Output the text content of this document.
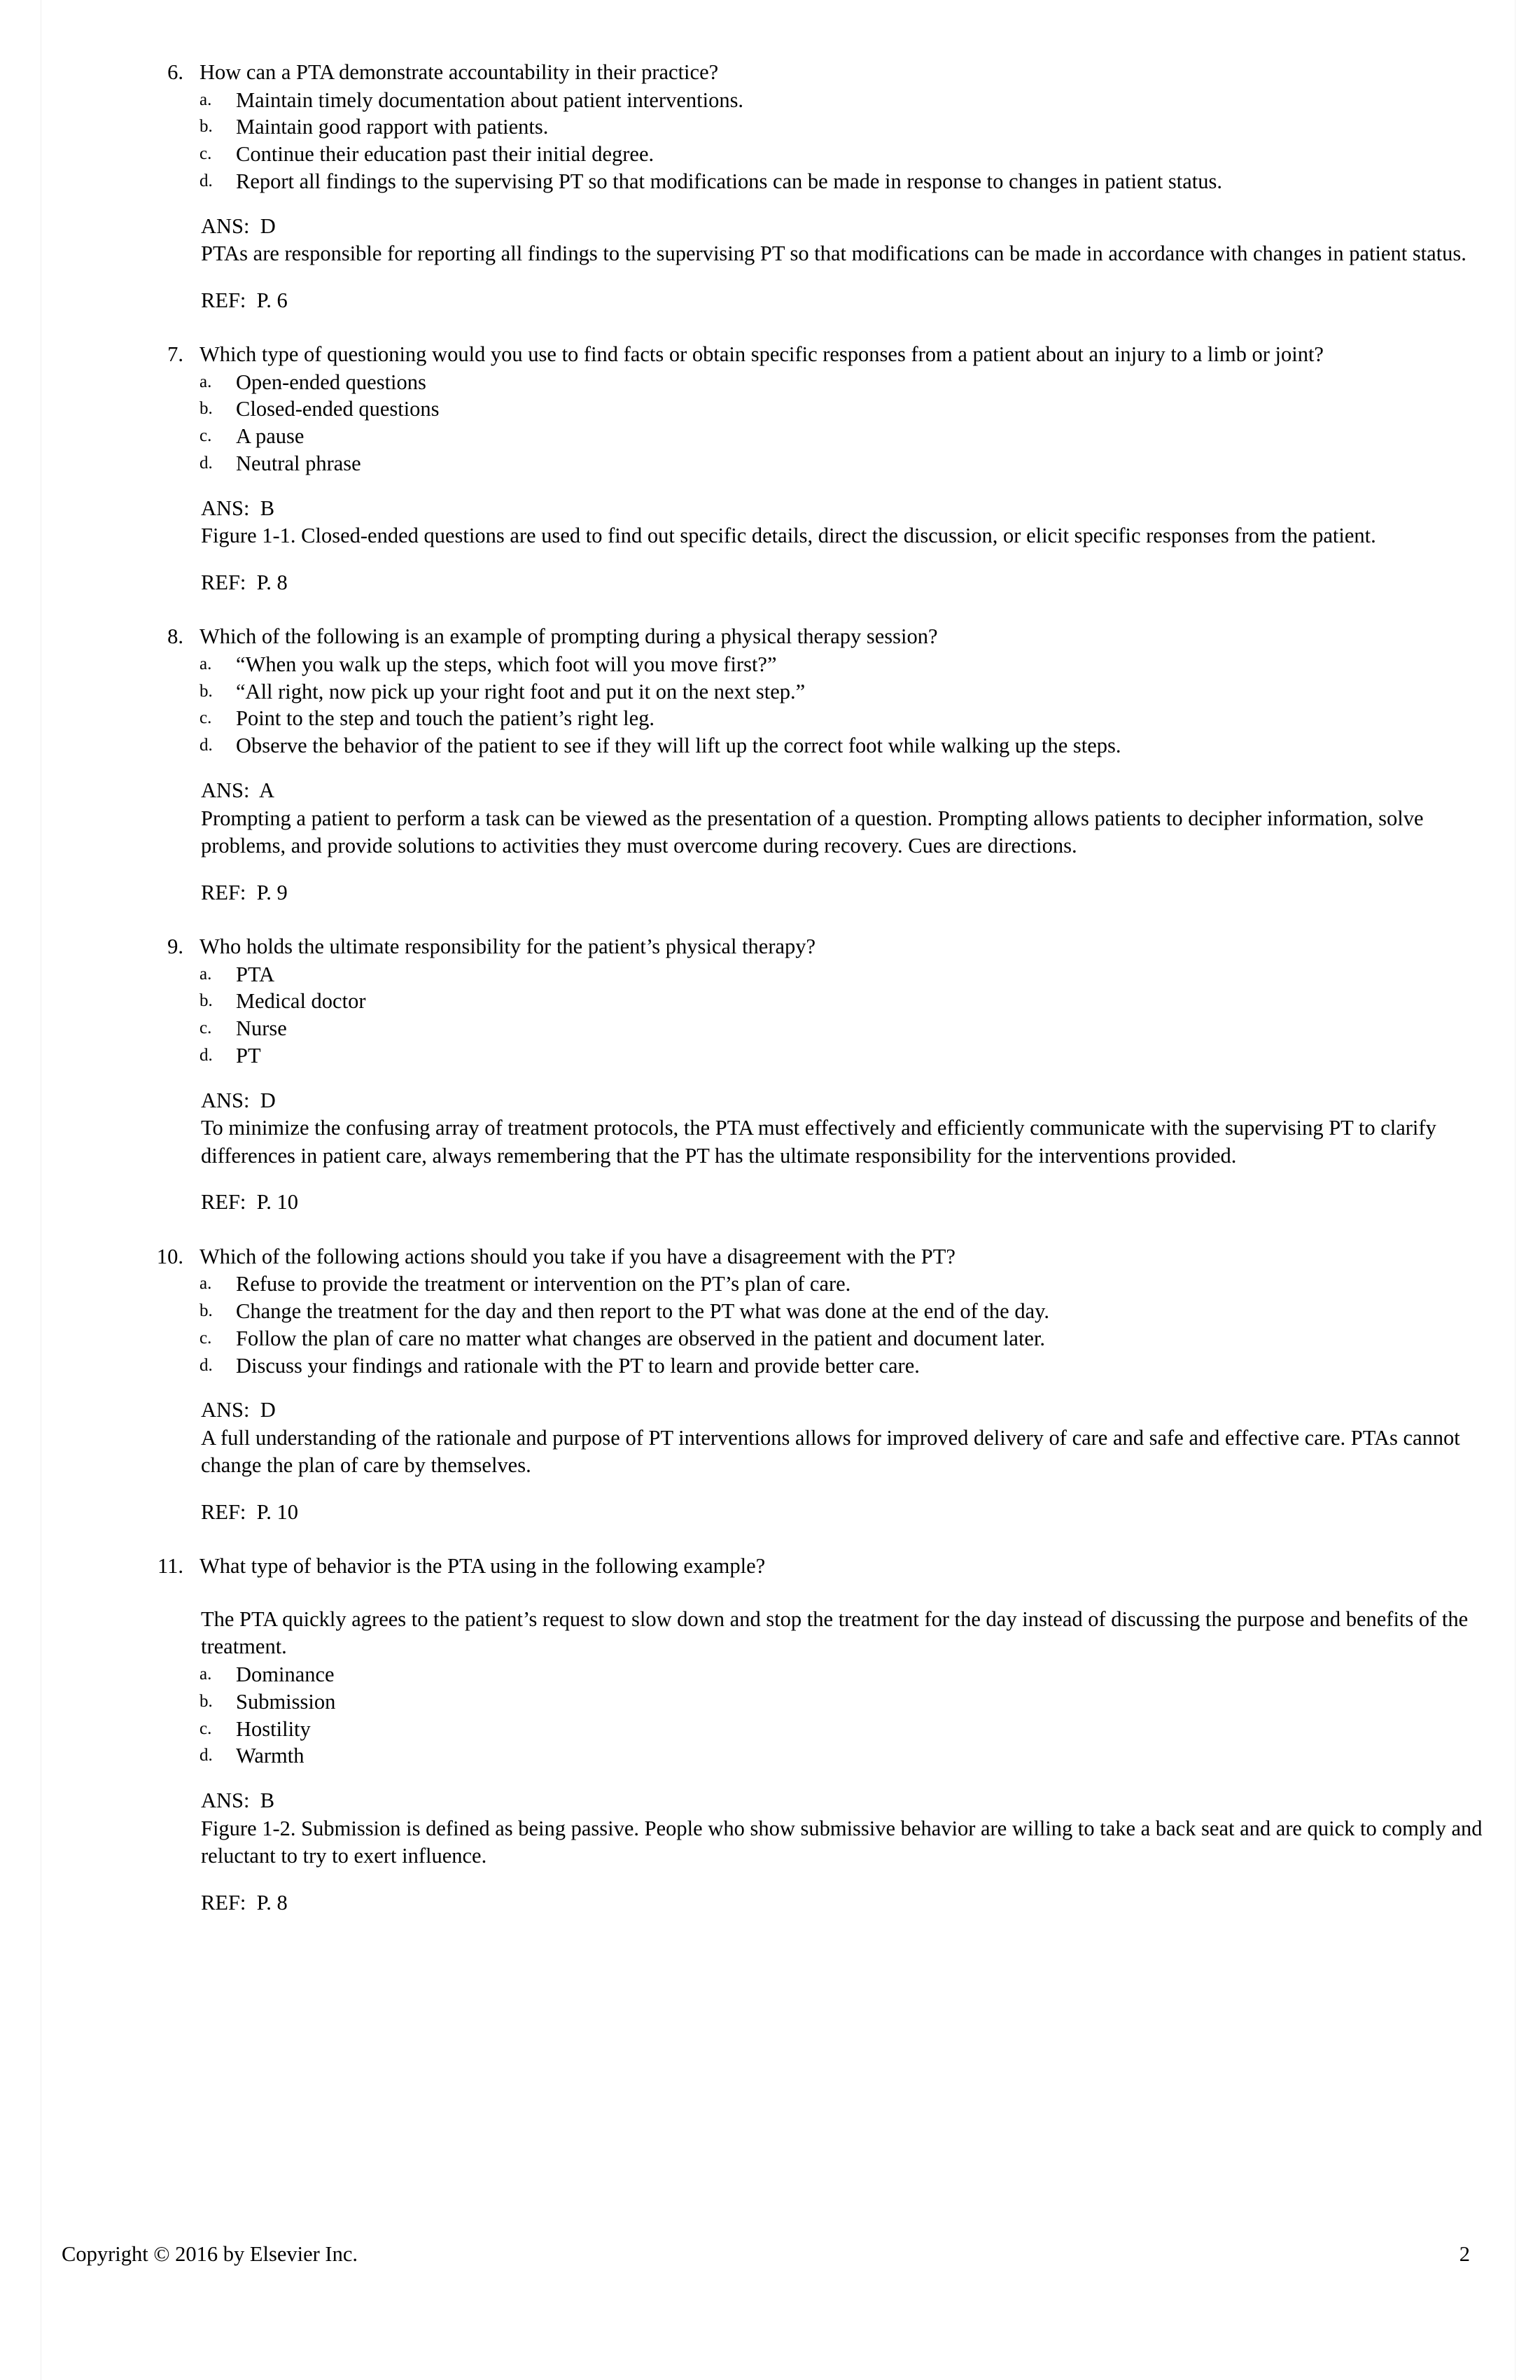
6. How can a PTA demonstrate accountability in their practice?
a.	Maintain timely documentation about patient interventions.
b.	Maintain good rapport with patients.
c.	Continue their education past their initial degree.
d.	Report all findings to the supervising PT so that modifications can be made in response to changes in patient status.
ANS:  D
PTAs are responsible for reporting all findings to the supervising PT so that modifications can be made in accordance with changes in patient status.
REF:  P. 6
7. Which type of questioning would you use to find facts or obtain specific responses from a patient about an injury to a limb or joint?
a.	Open-ended questions
b.	Closed-ended questions
c.	A pause
d.	Neutral phrase
ANS:  B
Figure 1-1. Closed-ended questions are used to find out specific details, direct the discussion, or elicit specific responses from the patient.
REF:  P. 8
8. Which of the following is an example of prompting during a physical therapy session?
a.	“When you walk up the steps, which foot will you move first?”
b.	“All right, now pick up your right foot and put it on the next step.”
c.	Point to the step and touch the patient’s right leg.
d.	Observe the behavior of the patient to see if they will lift up the correct foot while walking up the steps.
ANS:  A
Prompting a patient to perform a task can be viewed as the presentation of a question. Prompting allows patients to decipher information, solve problems, and provide solutions to activities they must overcome during recovery. Cues are directions.
REF:  P. 9
9. Who holds the ultimate responsibility for the patient’s physical therapy?
a.	PTA
b.	Medical doctor
c.	Nurse
d.	PT
ANS:  D
To minimize the confusing array of treatment protocols, the PTA must effectively and efficiently communicate with the supervising PT to clarify differences in patient care, always remembering that the PT has the ultimate responsibility for the interventions provided.
REF:  P. 10
10. Which of the following actions should you take if you have a disagreement with the PT?
a.	Refuse to provide the treatment or intervention on the PT’s plan of care.
b.	Change the treatment for the day and then report to the PT what was done at the end of the day.
c.	Follow the plan of care no matter what changes are observed in the patient and document later.
d.	Discuss your findings and rationale with the PT to learn and provide better care.
ANS:  D
A full understanding of the rationale and purpose of PT interventions allows for improved delivery of care and safe and effective care. PTAs cannot change the plan of care by themselves.
REF:  P. 10
11. What type of behavior is the PTA using in the following example?
The PTA quickly agrees to the patient’s request to slow down and stop the treatment for the day instead of discussing the purpose and benefits of the treatment.
a.	Dominance
b.	Submission
c.	Hostility
d.	Warmth
ANS:  B
Figure 1-2. Submission is defined as being passive. People who show submissive behavior are willing to take a back seat and are quick to comply and reluctant to try to exert influence.
REF:  P. 8
Copyright © 2016 by Elsevier Inc.	2
